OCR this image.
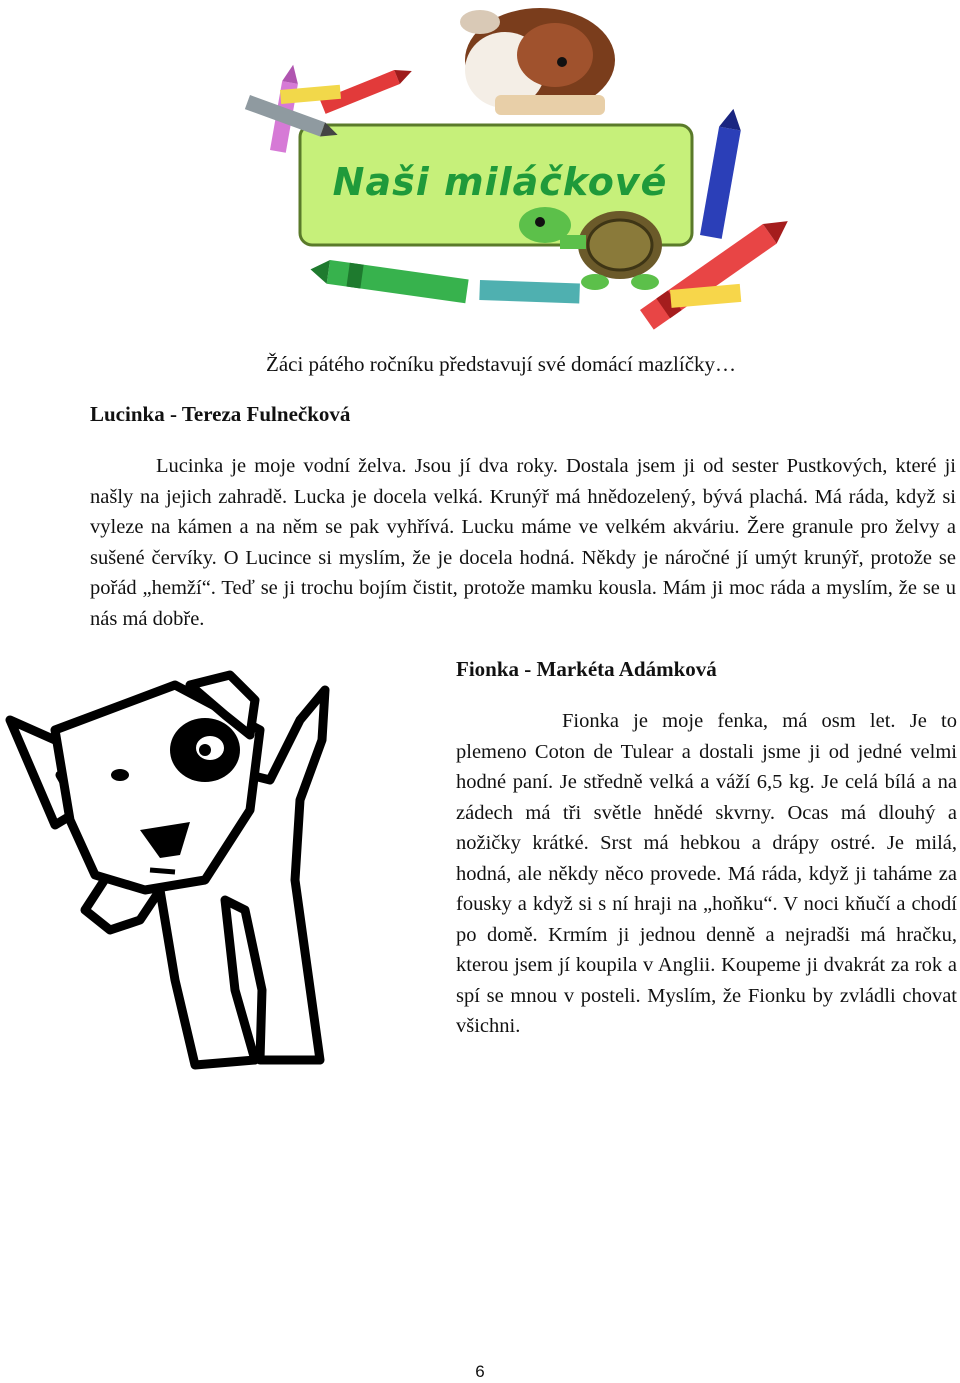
Naši miláčkové
Žáci pátého ročníku představují své domácí mazlíčky…
Lucinka - Tereza Fulnečková

Lucinka je moje vodní želva. Jsou jí dva roky. Dostala jsem ji od sester Pustkových, které ji našly na jejich zahradě. Lucka je docela velká. Krunýř má hnědozelený, bývá plachá. Má ráda, když si vyleze na kámen a na něm se pak vyhřívá. Lucku máme ve velkém akváriu. Žere granule pro želvy a sušené červíky. O Lucince si myslím, že je docela hodná. Někdy je náročné jí umýt krunýř, protože se pořád „hemží“. Teď se ji trochu bojím čistit, protože mamku kousla. Mám ji moc ráda a myslím, že se u nás má dobře.

Fionka - Markéta Adámková

Fionka je moje fenka, má osm let. Je to plemeno Coton de Tulear a dostali jsme ji od jedné velmi hodné paní. Je středně velká a váží 6,5 kg. Je celá bílá a na zádech má tři světle hnědé skvrny. Ocas má dlouhý a nožičky krátké. Srst má hebkou a drápy ostré. Je milá, hodná, ale někdy něco provede. Má ráda, když ji taháme za fousky a když si s ní hraji na „hoňku“. V noci kňučí a chodí po domě. Krmím ji jednou denně a nejradši má hračku, kterou jsem jí koupila v Anglii. Koupeme ji dvakrát za rok a spí se mnou v posteli. Myslím, že Fionku by zvládli chovat všichni.

6
